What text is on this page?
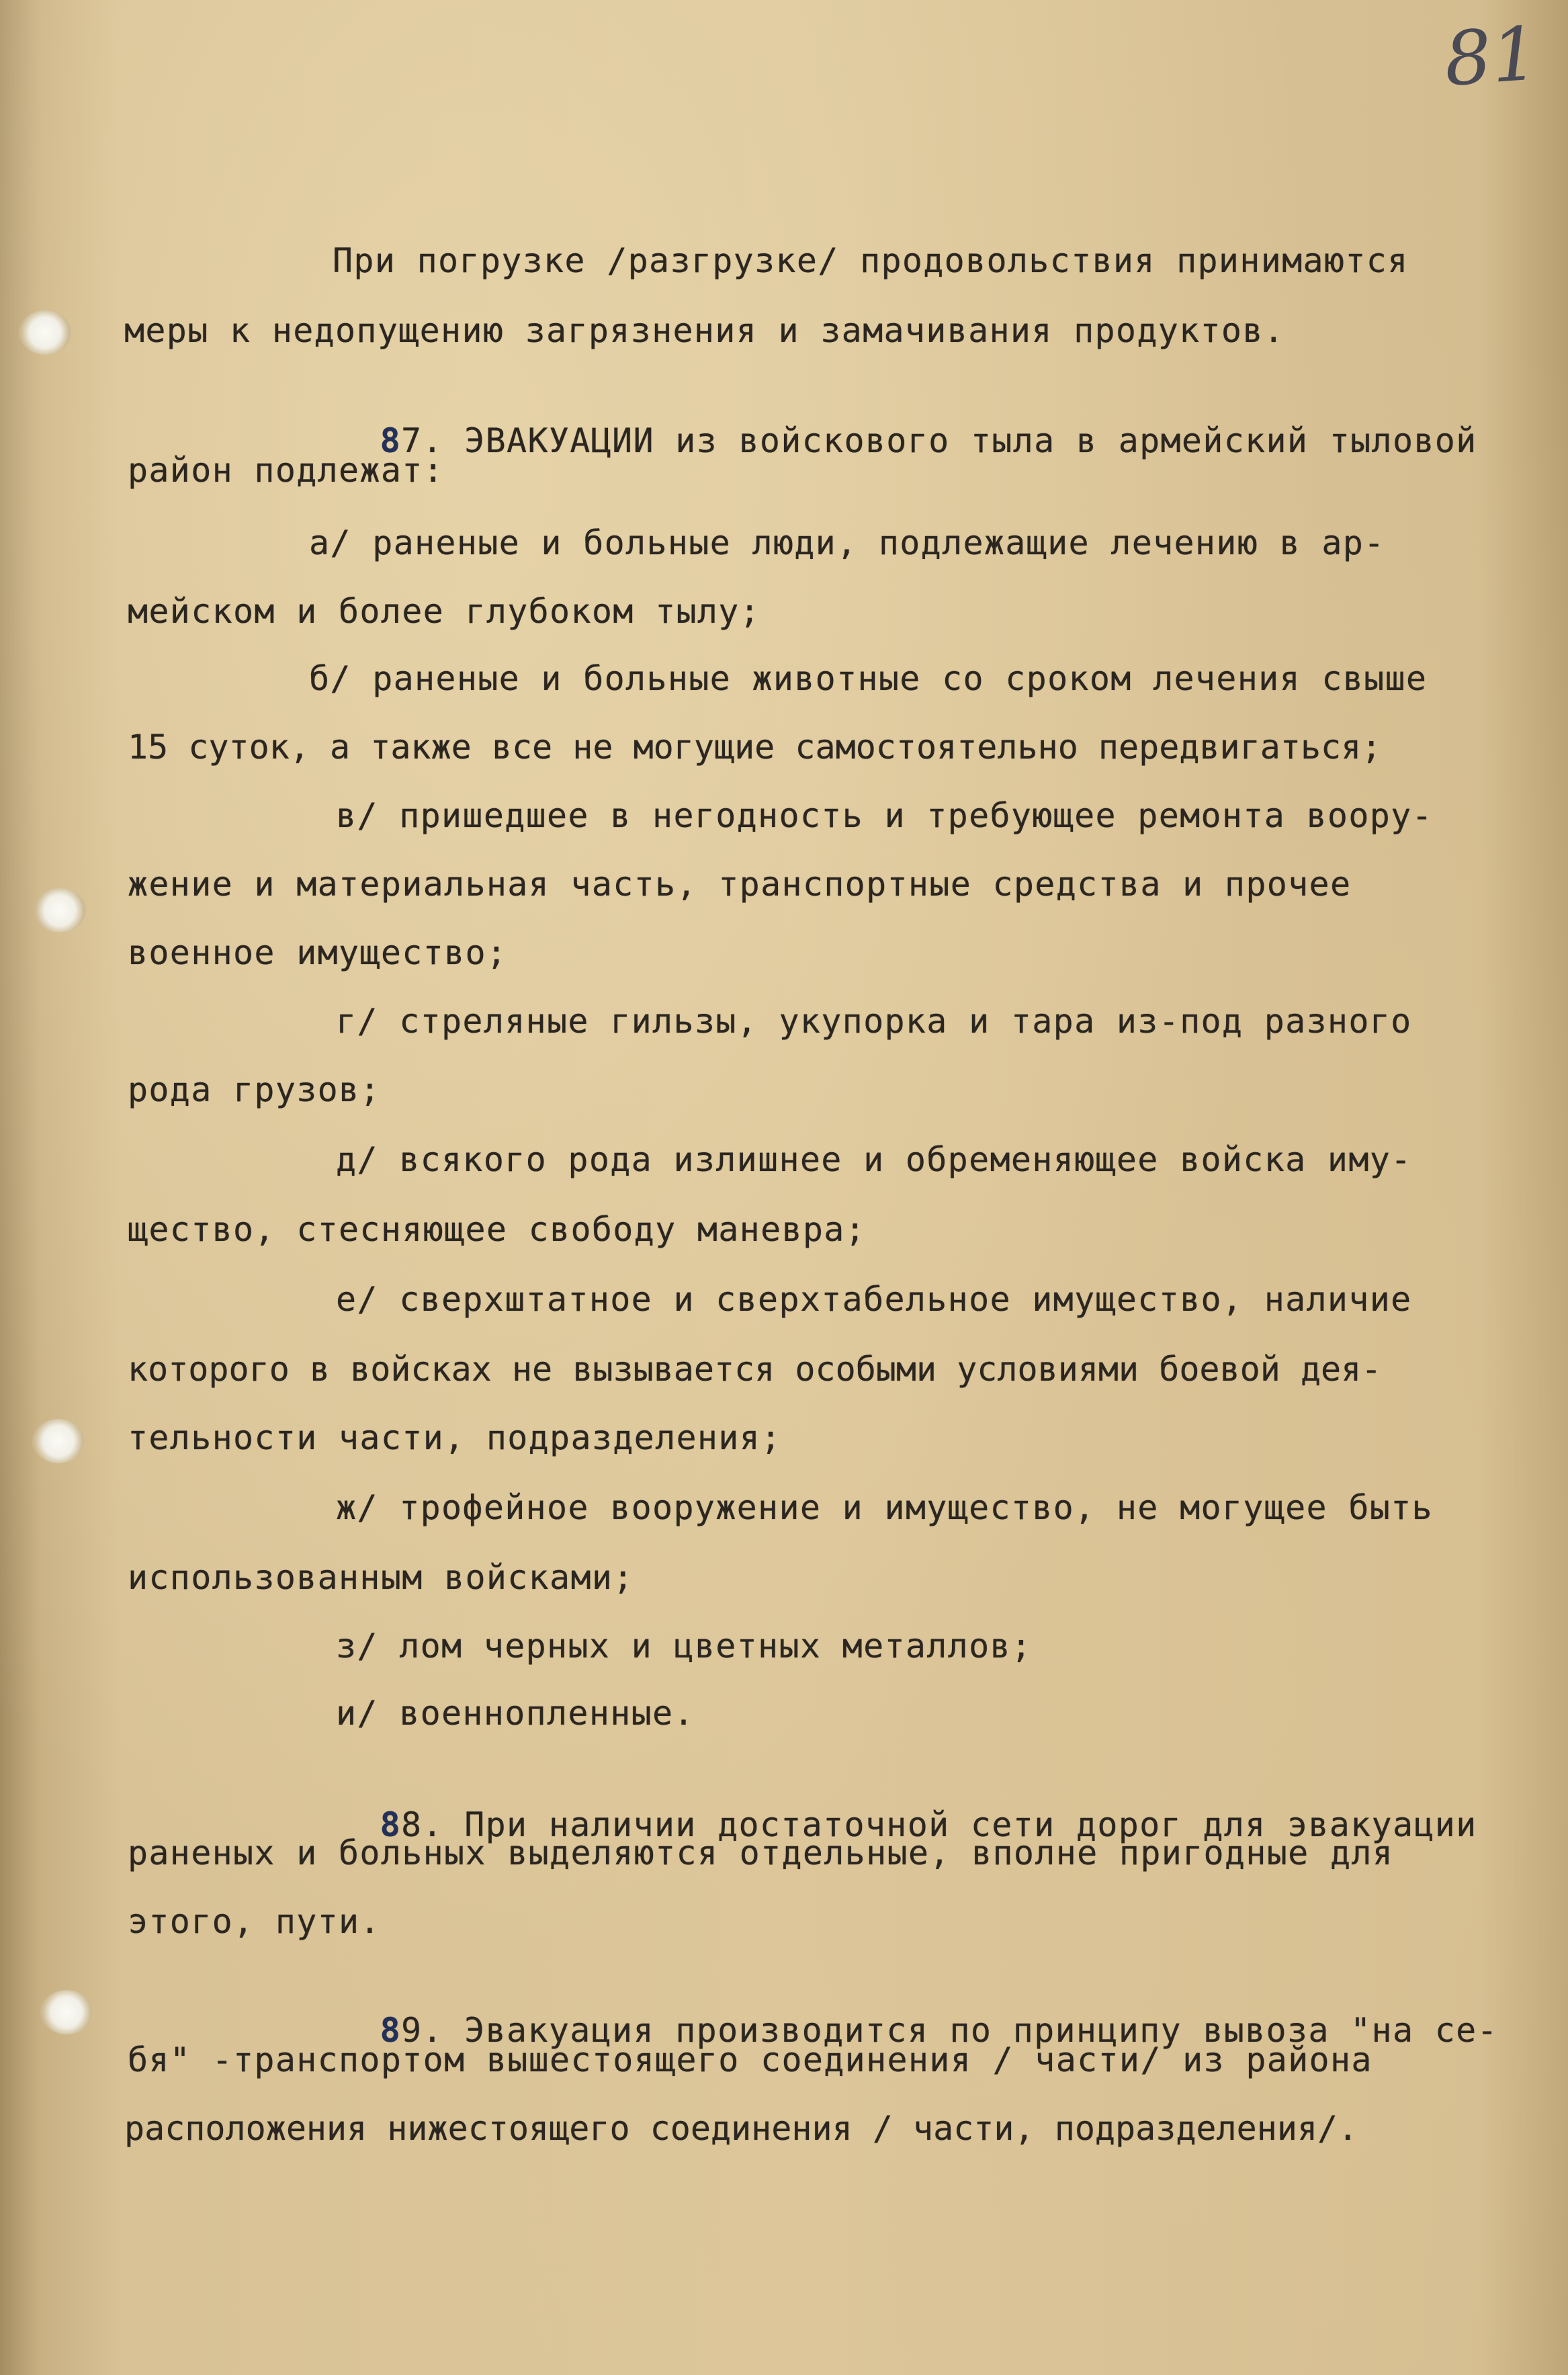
81
При погрузке /разгрузке/ продовольствия принимаются
меры к недопущению загрязнения и замачивания продуктов.

87. ЭВАКУАЦИИ из войскового тыла в армейский тыловой

район подлежат:
а/ раненые и больные люди, подлежащие лечению в ар-
мейском и более глубоком тылу;
б/ раненые и больные животные со сроком лечения свыше
15 суток, а также все не могущие самостоятельно передвигаться;
в/ пришедшее в негодность и требующее ремонта воору-
жение и материальная часть, транспортные средства и прочее
военное имущество;
г/ стреляные гильзы, укупорка и тара из-под разного
рода грузов;
д/ всякого рода излишнее и обременяющее войска иму-
щество, стесняющее свободу маневра;
е/ сверхштатное и сверхтабельное имущество, наличие
которого в войсках не вызывается особыми условиями боевой дея-
тельности части, подразделения;
ж/ трофейное вооружение и имущество, не могущее быть
использованным войсками;
з/ лом черных и цветных металлов;
и/ военнопленные.

88. При наличии достаточной сети дорог для эвакуации

раненых и больных выделяются отдельные, вполне пригодные для
этого, пути.

89. Эвакуация производится по принципу вывоза "на се-

бя" -транспортом вышестоящего соединения / части/ из района
расположения нижестоящего соединения / части, подразделения/.
